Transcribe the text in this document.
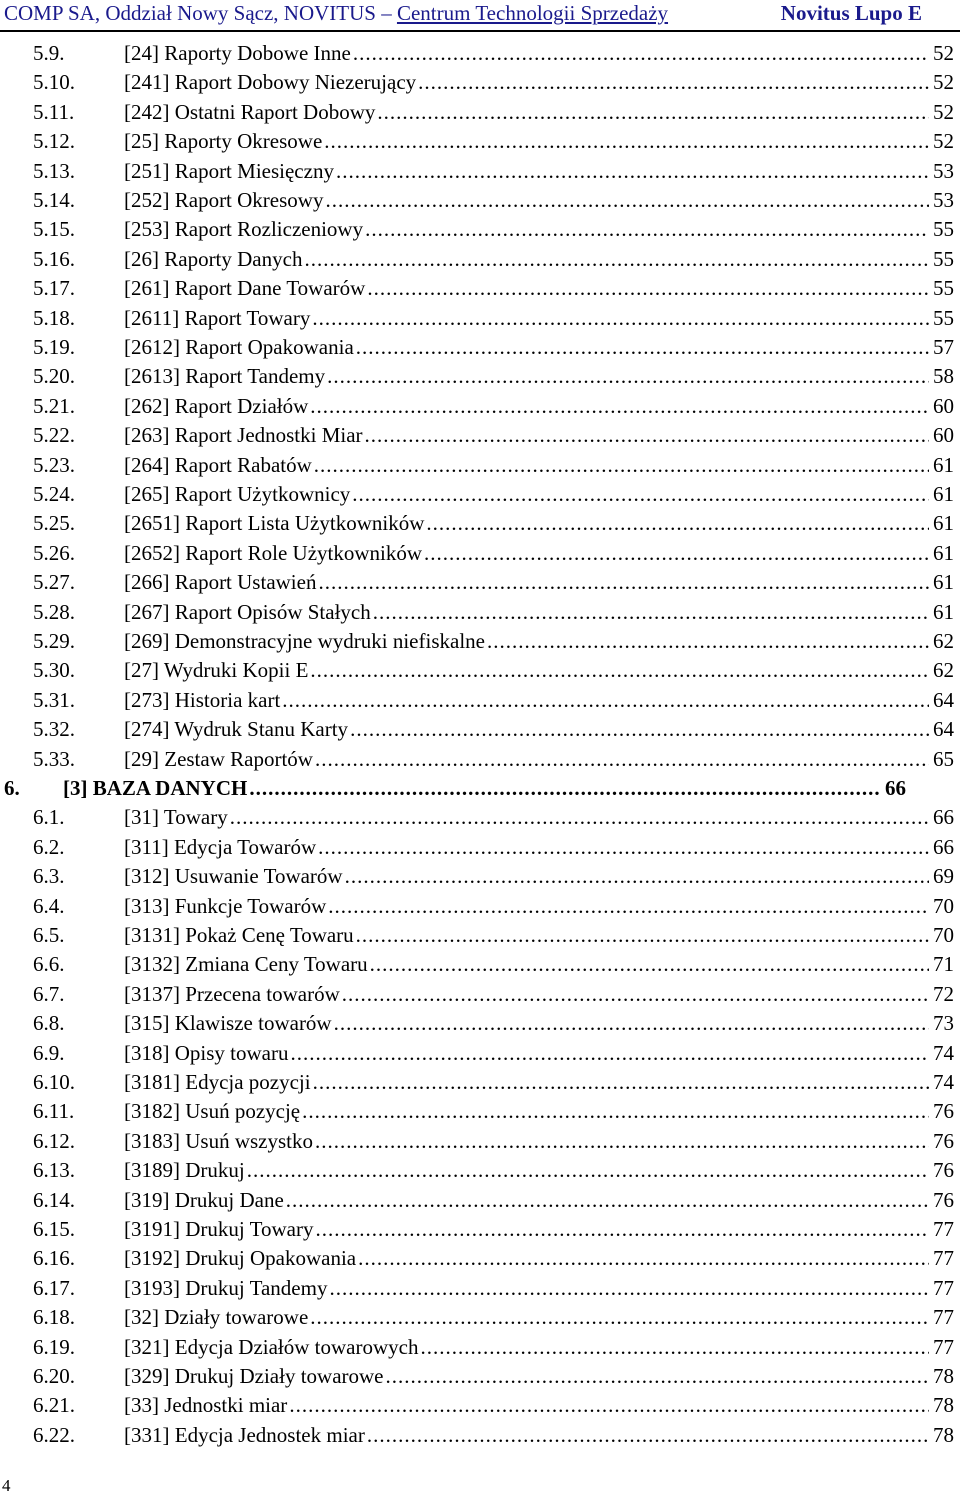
COMP SA, Oddział Nowy Sącz, NOVITUS – Centrum Technologii Sprzedaży	Novitus Lupo E
5.9.	[24] Raporty Dobowe Inne .....	52
5.10. [241] Raport Dobowy Niezerujący .....	52
5.11. [242] Ostatni Raport Dobowy .....	52
5.12. [25] Raporty Okresowe .....	52
5.13. [251] Raport Miesięczny .....	53
5.14. [252] Raport Okresowy .....	53
5.15. [253] Raport Rozliczeniowy .....	55
5.16. [26] Raporty Danych .....	55
5.17. [261] Raport Dane Towarów .....	55
5.18. [2611] Raport Towary .....	55
5.19. [2612] Raport Opakowania .....	57
5.20. [2613] Raport Tandemy .....	58
5.21. [262] Raport Działów .....	60
5.22. [263] Raport Jednostki Miar .....	60
5.23. [264] Raport Rabatów .....	61
5.24. [265] Raport Użytkownicy .....	61
5.25. [2651] Raport Lista Użytkowników .....	61
5.26. [2652] Raport Role Użytkowników .....	61
5.27. [266] Raport Ustawień .....	61
5.28. [267] Raport Opisów Stałych .....	61
5.29. [269] Demonstracyjne wydruki niefiskalne .....	62
5.30. [27] Wydruki Kopii E .....	62
5.31. [273] Historia kart .....	64
5.32. [274] Wydruk Stanu Karty .....	64
5.33. [29] Zestaw Raportów .....	65
6. [3] BAZA DANYCH .....	66
6.1.	[31] Towary .....	66
6.2.	[311] Edycja Towarów .....	66
6.3.	[312] Usuwanie Towarów .....	69
6.4.	[313] Funkcje Towarów .....	70
6.5.	[3131] Pokaż Cenę Towaru .....	70
6.6.	[3132] Zmiana Ceny Towaru .....	71
6.7.	[3137] Przecena towarów .....	72
6.8.	[315] Klawisze towarów .....	73
6.9.	[318] Opisy towaru .....	74
6.10. [3181] Edycja pozycji .....	74
6.11. [3182] Usuń pozycję .....	76
6.12. [3183] Usuń wszystko .....	76
6.13. [3189] Drukuj .....	76
6.14. [319] Drukuj Dane .....	76
6.15. [3191] Drukuj Towary .....	77
6.16. [3192] Drukuj Opakowania .....	77
6.17. [3193] Drukuj Tandemy .....	77
6.18. [32] Działy towarowe .....	77
6.19. [321] Edycja Działów towarowych .....	77
6.20. [329] Drukuj Działy towarowe .....	78
6.21. [33] Jednostki miar .....	78
6.22. [331] Edycja Jednostek miar .....	78
4
